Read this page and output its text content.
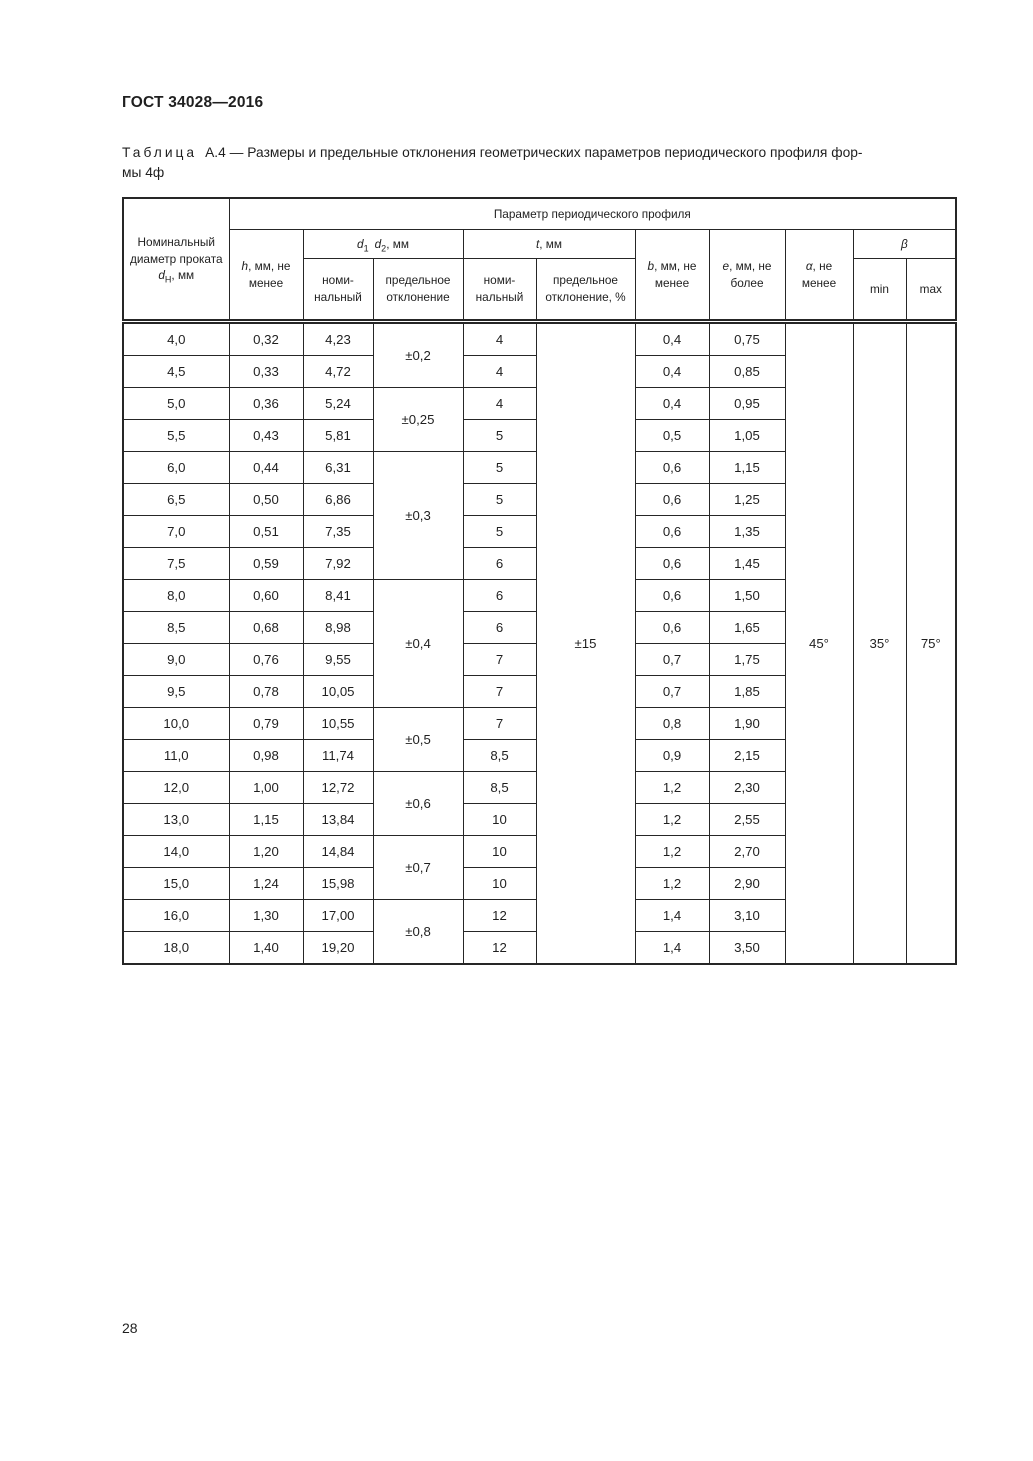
ГОСТ 34028—2016
Таблица А.4 — Размеры и предельные отклонения геометрических параметров периодического профиля фор-
мы 4ф
Номинальный диаметр проката $d_Н$, мм	Параметр периодического профиля									
	h, мм, не менее	$d_1$ $d_2$, мм		t, мм		b, мм, не менее	e, мм, не более	α, не менее	β	
		номи-нальный	предельное отклонение	номи-нальный	предельное отклонение, %				min	max
4,0	0,32	4,23	±0,2	4	±15	0,4	0,75	45°	35°	75°
4,5	0,33	4,72		4		0,4	0,85			
5,0	0,36	5,24	±0,25	4		0,4	0,95			
5,5	0,43	5,81		5		0,5	1,05			
6,0	0,44	6,31	±0,3	5		0,6	1,15			
6,5	0,50	6,86		5		0,6	1,25			
7,0	0,51	7,35		5		0,6	1,35			
7,5	0,59	7,92		6		0,6	1,45			
8,0	0,60	8,41	±0,4	6		0,6	1,50			
8,5	0,68	8,98		6		0,6	1,65			
9,0	0,76	9,55		7		0,7	1,75			
9,5	0,78	10,05		7		0,7	1,85			
10,0	0,79	10,55	±0,5	7		0,8	1,90			
11,0	0,98	11,74		8,5		0,9	2,15			
12,0	1,00	12,72	±0,6	8,5		1,2	2,30			
13,0	1,15	13,84		10		1,2	2,55			
14,0	1,20	14,84	±0,7	10		1,2	2,70			
15,0	1,24	15,98		10		1,2	2,90			
16,0	1,30	17,00	±0,8	12		1,4	3,10			
18,0	1,40	19,20		12		1,4	3,50			
28
